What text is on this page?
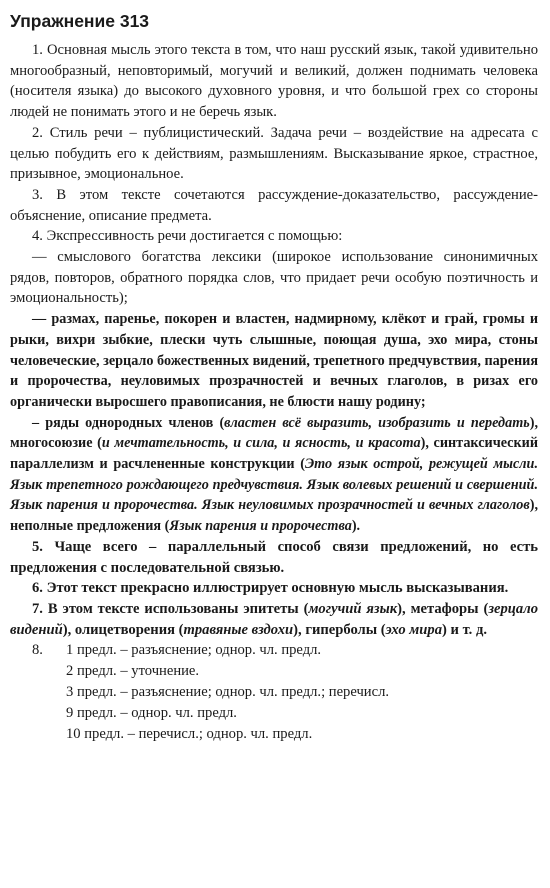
Упражнение 313

1. Основная мысль этого текста в том, что наш русский язык, такой удивительно многообразный, неповторимый, могучий и великий, должен поднимать человека (носителя языка) до высокого духовного уровня, и что большой грех со стороны людей не понимать этого и не беречь язык.

2. Стиль речи – публицистический. Задача речи – воздействие на адресата с целью побудить его к действиям, размышлениям. Высказывание яркое, страстное, призывное, эмоциональное.

3. В этом тексте сочетаются рассуждение-доказательство, рассуждение-объяснение, описание предмета.

4. Экспрессивность речи достигается с помощью:

— смыслового богатства лексики (широкое использование синонимичных рядов, повторов, обратного порядка слов, что придает речи особую поэтичность и эмоциональность);

— размах, паренье, покорен и властен, надмирному, клёкот и грай, громы и рыки, вихри зыбкие, плески чуть слышные, поющая душа, эхо мира, стоны человеческие, зерцало божественных видений, трепетного предчувствия, парения и пророчества, неуловимых прозрачностей и вечных глаголов, в ризах его органически выросшего правописания, не блюсти нашу родину;

– ряды однородных членов (властен всё выразить, изобразить и передать), многосоюзие (и мечтательность, и сила, и ясность, и красота), синтаксический параллелизм и расчлененные конструкции (Это язык острой, режущей мысли. Язык трепетного рождающего предчувствия. Язык волевых решений и свершений. Язык парения и пророчества. Язык неуловимых прозрачностей и вечных глаголов), неполные предложения (Язык парения и пророчества).

5. Чаще всего – параллельный способ связи предложений, но есть предложения с последовательной связью.

6. Этот текст прекрасно иллюстрирует основную мысль высказывания.

7. В этом тексте использованы эпитеты (могучий язык), метафоры (зерцало видений), олицетворения (травяные вздохи), гиперболы (эхо мира) и т. д.

8. 1 предл. – разъяснение; однор. чл. предл.
2 предл. – уточнение.
3 предл. – разъяснение; однор. чл. предл.; перечисл.
9 предл. – однор. чл. предл.
10 предл. – перечисл.; однор. чл. предл.
